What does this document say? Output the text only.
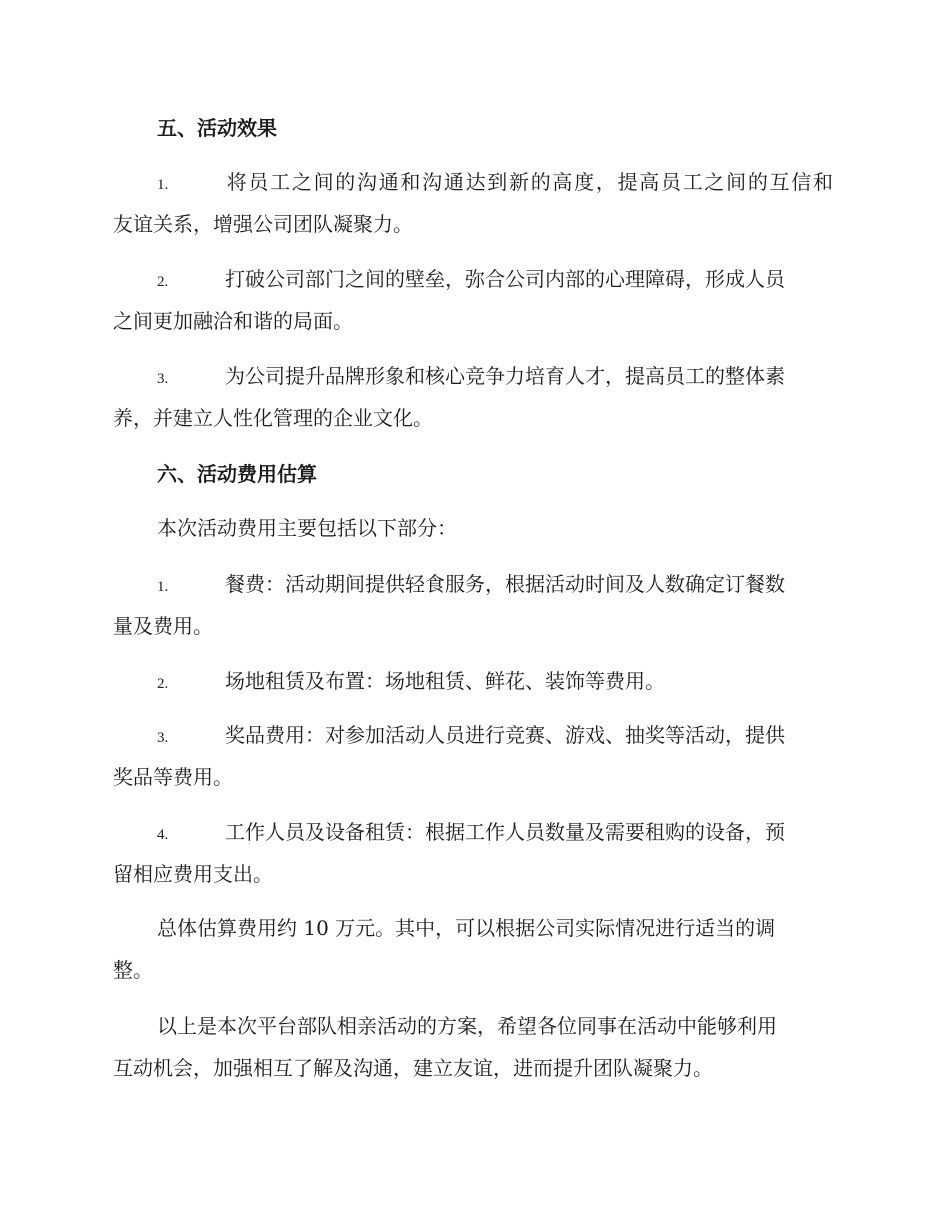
五、活动效果
1.	将员工之间的沟通和沟通达到新的高度，提高员工之间的互信和
友谊关系，增强公司团队凝聚力。
2.	打破公司部门之间的壁垒，弥合公司内部的心理障碍，形成人员
之间更加融洽和谐的局面。
3.	为公司提升品牌形象和核心竞争力培育人才，提高员工的整体素
养，并建立人性化管理的企业文化。
六、活动费用估算
本次活动费用主要包括以下部分：
1.	餐费：活动期间提供轻食服务，根据活动时间及人数确定订餐数
量及费用。
2.	场地租赁及布置：场地租赁、鲜花、装饰等费用。
3.	奖品费用：对参加活动人员进行竞赛、游戏、抽奖等活动，提供
奖品等费用。
4.	工作人员及设备租赁：根据工作人员数量及需要租购的设备，预
留相应费用支出。
总体估算费用约 10 万元。其中，可以根据公司实际情况进行适当的调
整。
以上是本次平台部队相亲活动的方案，希望各位同事在活动中能够利用
互动机会，加强相互了解及沟通，建立友谊，进而提升团队凝聚力。
